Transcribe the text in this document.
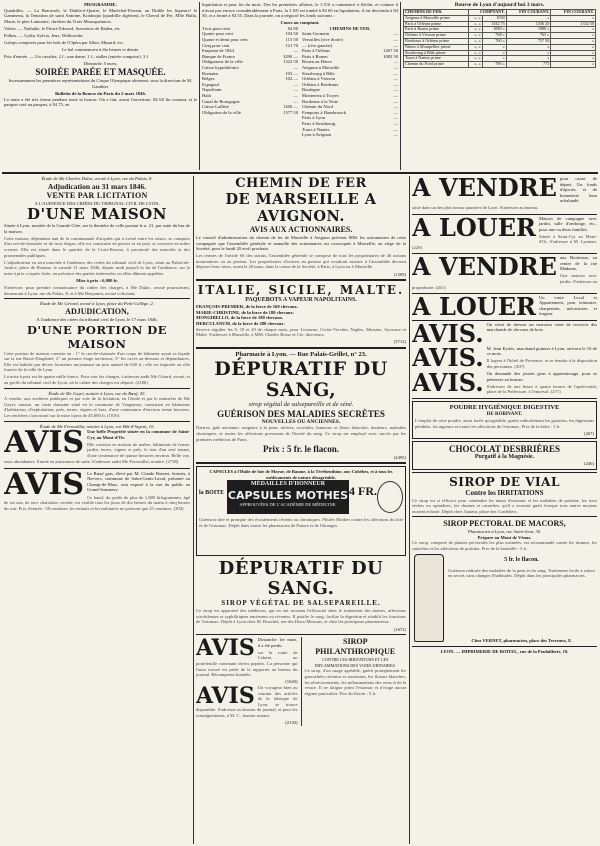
PROGRAMME.

Quadrilles. — La Barcarole, le Diable-à-Quatre, le Maréchal-Ferrant, au Diable les liqueurs! le Gamineau, la Tentation de saint Antoine, Kradoujia (quadrille algérien), le Cheval de Fer, Mlle Hulla, Marie, le père Lamontre, chrétien du Trois-Mousquetaires.

Valses. — Nathalie, le Prince Edward, Souvenirs de Baden, etc.

Polkas. — Lydia, Sylvia, Jeux, Wolkowski.

Galops composés pour les bals de l'Opéra par Alber, Musard, etc.

Le bal commencera à dix heures et demie.

Prix d'entrée. — Un cavalier, 2 f.; une dame, 1 f.; stalles (entrée comprise), 3 f.

Dimanche 5 mars,
SOIRÉE PARÉE ET MASQUÉE.

Incessamment les premières représentations du Cirque Olympique alternent, sous la direction de M. Gauthier.

Bulletin de la Bourse du Paris du 2 mars 1846.

La rente a été très ferme pendant toute la bourse. On a fait, avant l'ouverture, 84 60 fin courant, et le parquet coté au parquet, à 84 75, en

liquidation et pour fin du mois. Des les premières affaires, le 3 0/0 a commencé à fléchir, et comme il n'avait pas encore considérablement à Paris, la 3 0/0 est tombé à 84 60 en liquidation, il est descendu à 84 50, et a fermé à 84 55. Dans la journée, on a négocié les fonds suivants :

Cours au comptant.
Trois pour cent	84 80
Quatre pour cent	104 50
Quatre et demi pour cent	113 50
Cinq pour cent	121 70
Emprunt de 1844	—
Banque de France	3290 —
Obligations de la ville	1322 50
Caisse hypothécaire	—
Romains	103 —
Belges	102 —
Espagnol	—
Napolitain	—
Haïti	—
Canal de Bourgogne	—
Caisse Laffitte	1200 —
Obligation de la ville	1377 50
CHEMINS DE FER.
Saint-Germain	—
Versailles (rive droite)	—
— (rive gauche)	—
Paris à Orléans	1267 50
Paris à Rouen	1082 50
Rouen au Havre	—
Avignon à Marseille	—
Strasbourg à Bâle	—
Orléans à Vierzon	—
Orléans à Bordeaux	—
Boulogne	—
Montereau à Troyes	—
Bordeaux à la Teste	—
Chemin du Nord	—
Fampoux à Hazebrouck	—
Paris à Lyon	—
Paris à Strasbourg	—
Tours à Nantes	—
Lyon à Avignon	—
Bourse de Lyon d'aujourd'hui 3 mars.
CHEMINS DE FER.	COMPTANT.		FIN COURANT.	FIN COURANT.
Avignon à Marseille prime	», »	1030	»	»
Paris à Orléans prime	», »	1332 75	1336 25	1332 50
Paris à Rouen prime	», »	1080 »	1080 »	»
Orléans à Vierzon prime	», »	768 »	765 »	»
Bordeaux à Orléans prime	», »	760 »	757 50	»
Nîmes à Montpellier prime	», »	»	»	»
Strasbourg à Bâle prime	», »	»	»	»
Tours à Nantes prime	», »	»	»	»
Chemin du Nord prime	», »	780 »	775	»
Étude de Me Charles Dulac, avoué à Lyon, rue du Palais, 8.
Adjudication au 31 mars 1846.
VENTE PAR LICITATION
A L'AUDIENCE DES CRIÉES DU TRIBUNAL CIVIL DE LYON,
D'UNE MAISON

Située à Lyon, montée de la Grande-Côte, sur la dernière de celle portant le n. 21, par suite du bas de la maison.

Cette maison, dépendant tant de la communauté d'acquêts qui a existé entre les sieurs, se compose d'un rez-de-chaussée et de trois étages; elle est construite en pierres et en pisé, et couverte en tuiles creuses. Elle est située dans le quartier de la Croix-Rousse, à proximité des marchés et des promenades publiques.

L'adjudication en sera tranchée à l'audience des criées du tribunal civil de Lyon, séant au Palais-de-Justice, place de Roanne, le samedi 31 mars 1846, depuis midi jusqu'à la fin de l'audience, sur la mise à prix ci-après fixée, en présence des parties intéressées ou elles dûment appelées.

Mise à prix : 6,000 fr.

S'adresser, pour prendre connaissance du cahier des charges, à Me Dulac, avoué poursuivant, demeurant à Lyon, rue du Palais, 8, et à Me Benjamin, avoué colicitant.

Étude de Me Gérard, avoué à Lyon, place du Petit-Collège, 2.
ADJUDICATION,
A l'audience des criées du tribunal civil de Lyon, le 17 mars 1846,
D'UNE PORTION DE MAISON

Cette portion de maison consiste en : 1° le rez-de-chaussée d'un corps de bâtiment ayant sa façade sur la rue Basse-Dauphiné; 2° un premier étage au-dessus; 3° les caves au-dessous et dépendances. Elle est habitée par divers locataires moyennant un prix annuel de 620 fr.; elle est imposée au rôle foncier de la ville de Lyon.

La mise à prix est de quatre mille francs. Pour voir les charges, s'adresser audit Me Gérard, avoué, et au greffe du tribunal civil de Lyon, où le cahier des charges est déposé. (2186)

Étude de Me Gayet, notaire à Lyon, rue du Bœuf, 43.

A vendre, aux enchères publiques et par voie de la licitation, en l'étude et par le ministère de Me Gayet, notaire, un vaste domaine situé en la commune de Vaugneray, consistant en bâtiments d'habitation, d'exploitation, prés, terres, vignes et bois, d'une contenance d'environ trente hectares. Les enchères s'ouvriront sur la mise à prix de 45,000 fr. (1016)

Étude de Me Ferrouillat, notaire à Lyon, rue Bât-d'Argent, 10.
AVIS Une belle Propriété située en la commune de Saint-Cyr, au Mont-d'Or.

Elle consiste en maison de maître, bâtiments de ferme, jardin, terres, vignes et prés, le tout d'un seul tenant, d'une contenance de quinze hectares environ. Belle vue, eaux abondantes. Entrée en jouissance de suite. S'adresser audit Me Ferrouillat, notaire. (2738)

AVIS Le Bœuf gras, élevé par M. Claude Bonnet, fermier, à Nervers, commune de Saint-Genis-Laval, présenté au Champ-de-Mars, sera exposé à la vue du public au Grand-Sommery.

Ce bœuf, du poids de plus de 1,800 kilogrammes, âgé de six ans, de race charolaise croisée, est visible tous les jours de dix heures du matin à cinq heures du soir. Prix d'entrée : 50 centimes; les enfants et les militaires ne paieront que 25 centimes. (303)

CHEMIN DE FER
DE MARSEILLE A AVIGNON.
AVIS AUX ACTIONNAIRES.

Le conseil d'administration du chemin de fer de Marseille à Avignon prévient MM. les actionnaires de cette compagnie que l'assemblée générale et annuelle des actionnaires est convoquée à Marseille, au siège de la Société, pour le lundi 20 avril prochain.

Les termes de l'article 66 des statuts, l'assemblée générale se compose de tous les propriétaires de 40 actions nominatives ou au porteur. Les propriétaires d'actions au porteur qui voudront assister à l'assemblée devront déposer leurs titres, avant le 20 mars, dans la caisse de la Société, à Paris, à Lyon ou à Marseille.

(1209)
ITALIE, SICILE, MALTE.
PAQUEBOTS A VAPEUR NAPOLITAINS.
FRANÇOIS-PREMIER, de la force de 160 chevaux.
MARIE-CHRISTINE, de la force de 180 chevaux.
MONGIBELLO, de la force de 180 chevaux.
HERCULANUM, de la force de 280 chevaux.

Service régulier les 9, 19 et 29 de chaque mois, pour Livourne, Civita-Vecchia, Naples, Messine, Syracuse et Malte. S'adresser à Marseille, à MM. Charles Rosse et Cie, directeurs.

(5712)
Pharmacie à Lyon. — Rue Palais-Grillet, n° 23.
DÉPURATIF DU SANG,
sirop végétal de salsepareille et de séné.
GUÉRISON DES MALADIES SECRÈTES
NOUVELLES OU ANCIENNES.

Dartres, gale ancienne, rougeurs à la peau, ulcères, scrofules, humeurs et fleurs blanches, douleurs, maladies chroniques, et toutes les affections provenant de l'âcreté du sang. Ce sirop est employé avec succès par les premiers médecins de Paris.

Prix : 5 fr. le flacon.
(4495)
CAPSULES à l'Huile de foie de Morue, de Baume, à la Térébenthine, aux Cubèbes, et à tous les médicaments de nature désagréable.
la BOITE	4 FR.
MÉDAILLES D'HONNEUR
CAPSULES MOTHES
APPROUVÉES DE L'ACADÉMIE DE MÉDECINE.

Guérison sûre et prompte des écoulements récents ou chroniques. Pilules Mothes contre les affections du foie et de l'estomac. Dépôt dans toutes les pharmacies de France et de l'étranger.

DÉPURATIF DU SANG.
SIROP VÉGÉTAL DE SALSEPAREILLE.

Ce sirop est approuvé des médecins, qui en ont reconnu l'efficacité dans le traitement des dartres, affections scrofuleuses et syphilitiques anciennes ou récentes. Il purifie le sang, facilite la digestion et rétablit les fonctions de l'estomac. Dépôt à Lyon chez M. Bouchet, rue des Deux-Maisons, et chez les principaux pharmaciens.

(1672)
AVIS Dimanche 1er mars, il a été perdu

sur la route de Caluire, un portefeuille contenant divers papiers. La personne qui l'aura trouvé est priée de le rapporter au bureau du journal. Récompense honnête.

(1620)
AVIS Un voyageur bien au courant des articles de la fabrique de Lyon, se trouve disponible. S'adresser au bureau du journal, et pour les renseignements, à M. C., bureau restant.

(2130)
SIROP PHILANTHROPIQUE
CONTRE LES IRRITATIONS ET LES INFLAMMATIONS DES VOIES URINAIRES.

Ce sirop, d'un usage agréable, guérit promptement les gonorrhées récentes et anciennes, les flueurs blanches, les rétrécissements, les inflammations des reins et de la vessie. Il ne fatigue point l'estomac et n'exige aucun régime particulier. Prix du flacon : 5 fr.

A VENDRE pour cause de départ. Un fonds d'épicier, et de bonneterie bien achalandé.

situé dans un des plus beaux quartiers de Lyon. S'adresser au bureau.

A LOUER Maison de campagne avec jardin, salle d'ombrage, etc., pour une ou deux familles.

Située à Saint-Cyr au Mont-d'Or. S'adresser à M. Lyonnet. (229)

A VENDRE aux Brotteaux, au centre de la rue Madame.

Une maison avec jardin. S'adresser au propriétaire. (261)

A LOUER Un vaste Local et Appartement, pour teinturier, charpentier, mécanicien et forgeur.

AVIS. On vient de dresser un nouveau vient de recevoir des marchands de chevaux de bois.

AVIS. M. Jean Eyriès, marchand grainier à Lyon, arrivera le 10 de ce mois.

Il logera à l'hôtel de Provence, et se tiendra à la disposition des personnes. (307)

AVIS. On demande des jeunes gens à apprentissage, pour se présenter au bureau.

S'adresser de une heure à quatre heures de l'après-midi, place de la Préfecture, à l'entresol. (271)

POUDRE HYGIÉNIQUE DIGESTIVE
DE ROBIVANT.

L'emploi de cette poudre, aussi facile qu'agréable, guérit radicalement les gastrites, les digestions pénibles, les aigreurs et toutes les affections de l'estomac. Prix de la boîte : 3 fr.

(267)
CHOCOLAT DESBRIÈRES
Purgatif à la Magnésie.
(246)
SIROP DE VIAL
Contre les IRRITATIONS

Ce sirop est si efficace pour combattre les maux d'estomac et les maladies de poitrine, les toux sèches ou opiniâtres, les rhumes et catarrhes, qu'il a souvent guéri lorsque tous autres moyens avaient échoué. Dépôt chez l'auteur, place des Cordeliers.

SIROP PECTORAL DE MACORS,
Pharmacien à Lyon, rue Saint-Jean, 30.
Prépare au Mont de Vénus.

Ce sirop, composé de plantes pectorales les plus estimées, est recommandé contre les rhumes, les catarrhes et les affections de poitrine. Prix de la bouteille : 5 fr.

5 fr. le flacon.

Guérison radicale des maladies de la peau et du sang. Traitement facile à suivre en secret, sans changer d'habitudes. Dépôt dans les principales pharmacies.

Chez VERNET, pharmacien, place des Terreaux, 8.
LYON. — IMPRIMERIE DE BOITEL, rue de la Poulaillerie, 19.
